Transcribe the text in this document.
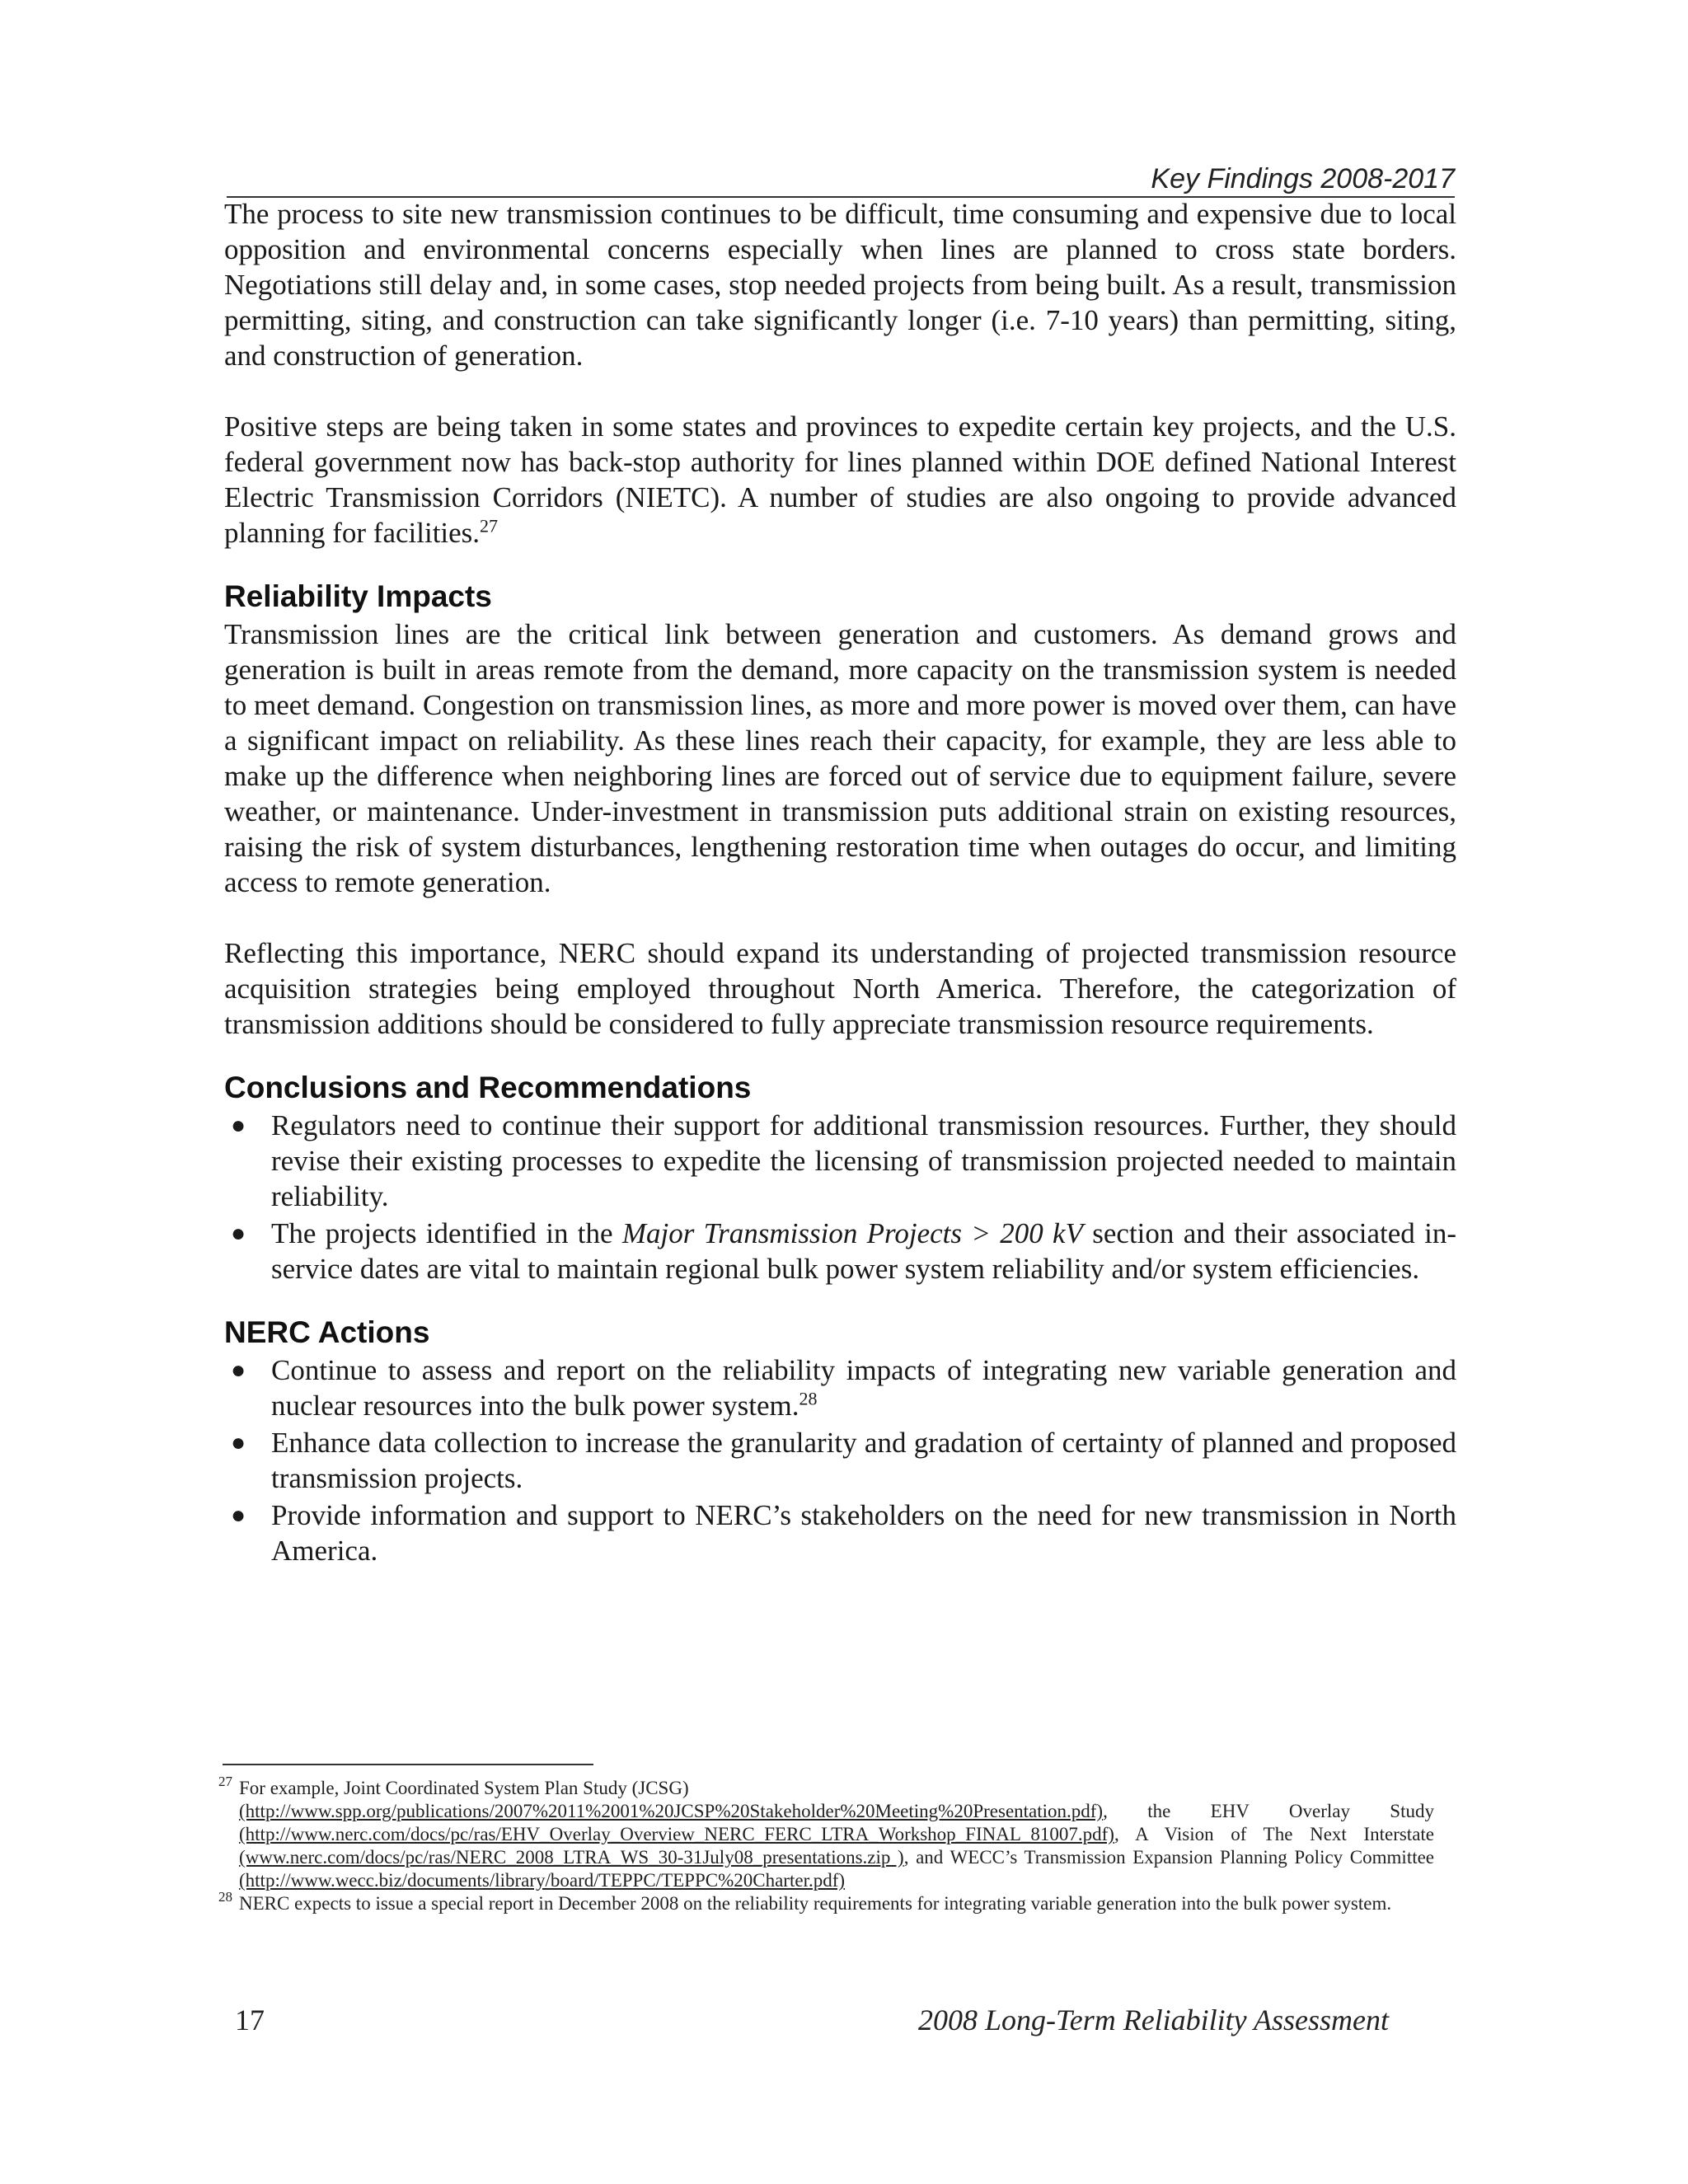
Key Findings 2008-2017

The process to site new transmission continues to be difficult, time consuming and expensive due to local opposition and environmental concerns especially when lines are planned to cross state borders. Negotiations still delay and, in some cases, stop needed projects from being built. As a result, transmission permitting, siting, and construction can take significantly longer (i.e. 7-10 years) than permitting, siting, and construction of generation.

Positive steps are being taken in some states and provinces to expedite certain key projects, and the U.S. federal government now has back-stop authority for lines planned within DOE defined National Interest Electric Transmission Corridors (NIETC). A number of studies are also ongoing to provide advanced planning for facilities.$^{27}$

Reliability Impacts

Transmission lines are the critical link between generation and customers. As demand grows and generation is built in areas remote from the demand, more capacity on the transmission system is needed to meet demand. Congestion on transmission lines, as more and more power is moved over them, can have a significant impact on reliability. As these lines reach their capacity, for example, they are less able to make up the difference when neighboring lines are forced out of service due to equipment failure, severe weather, or maintenance. Under-investment in transmission puts additional strain on existing resources, raising the risk of system disturbances, lengthening restoration time when outages do occur, and limiting access to remote generation.

Reflecting this importance, NERC should expand its understanding of projected transmission resource acquisition strategies being employed throughout North America. Therefore, the categorization of transmission additions should be considered to fully appreciate transmission resource requirements.

Conclusions and Recommendations
● Regulators need to continue their support for additional transmission resources. Further, they should revise their existing processes to expedite the licensing of transmission projected needed to maintain reliability.
● The projects identified in the Major Transmission Projects > 200 kV section and their associated in-service dates are vital to maintain regional bulk power system reliability and/or system efficiencies.
NERC Actions
● Continue to assess and report on the reliability impacts of integrating new variable generation and nuclear resources into the bulk power system.$^{28}$
● Enhance data collection to increase the granularity and gradation of certainty of planned and proposed transmission projects.
● Provide information and support to NERC’s stakeholders on the need for new transmission in North America.
27 For example, Joint Coordinated System Plan Study (JCSG)
(http://www.spp.org/publications/2007%2011%2001%20JCSP%20Stakeholder%20Meeting%20Presentation.pdf), the EHV Overlay Study (http://www.nerc.com/docs/pc/ras/EHV_Overlay_Overview_NERC_FERC_LTRA_Workshop_FINAL_81007.pdf), A Vision of The Next Interstate (www.nerc.com/docs/pc/ras/NERC_2008_LTRA_WS_30-31July08_presentations.zip ), and WECC’s Transmission Expansion Planning Policy Committee (http://www.wecc.biz/documents/library/board/TEPPC/TEPPC%20Charter.pdf)
28 NERC expects to issue a special report in December 2008 on the reliability requirements for integrating variable generation into the bulk power system.
17	2008 Long-Term Reliability Assessment
